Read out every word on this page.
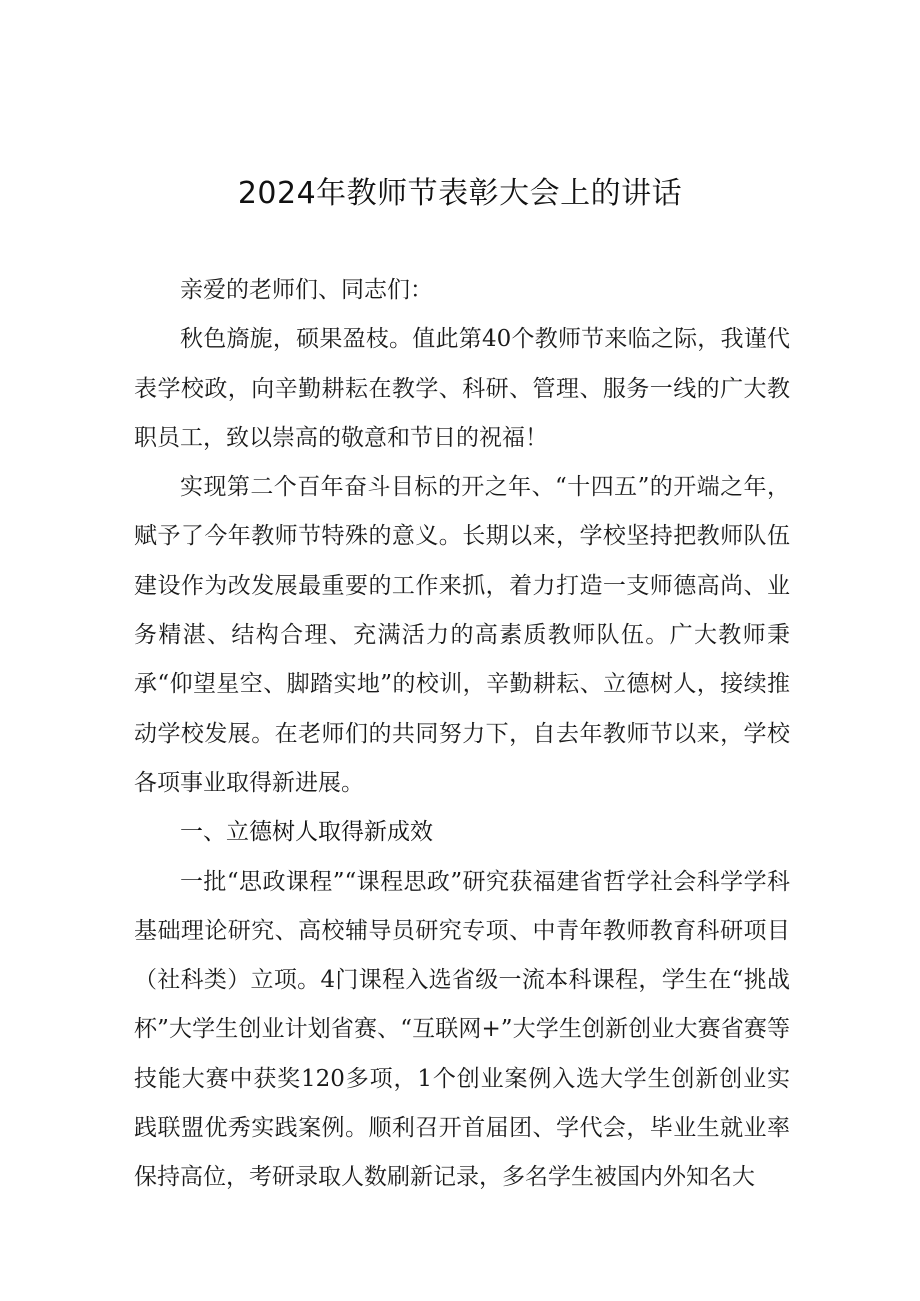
2024年教师节表彰大会上的讲话

亲爱的老师们、同志们：

秋色旖旎，硕果盈枝。值此第40个教师节来临之际，我谨代表学校政，向辛勤耕耘在教学、科研、管理、服务一线的广大教职员工，致以崇高的敬意和节日的祝福！

实现第二个百年奋斗目标的开之年、“十四五”的开端之年，赋予了今年教师节特殊的意义。长期以来，学校坚持把教师队伍建设作为改发展最重要的工作来抓，着力打造一支师德高尚、业务精湛、结构合理、充满活力的高素质教师队伍。广大教师秉承“仰望星空、脚踏实地”的校训，辛勤耕耘、立德树人，接续推动学校发展。在老师们的共同努力下，自去年教师节以来，学校各项事业取得新进展。

一、立德树人取得新成效

一批“思政课程”“课程思政”研究获福建省哲学社会科学学科基础理论研究、高校辅导员研究专项、中青年教师教育科研项目（社科类）立项。4门课程入选省级一流本科课程，学生在“挑战杯”大学生创业计划省赛、“互联网+”大学生创新创业大赛省赛等技能大赛中获奖120多项，1个创业案例入选大学生创新创业实践联盟优秀实践案例。顺利召开首届团、学代会，毕业生就业率保持高位，考研录取人数刷新记录，多名学生被国内外知名大
